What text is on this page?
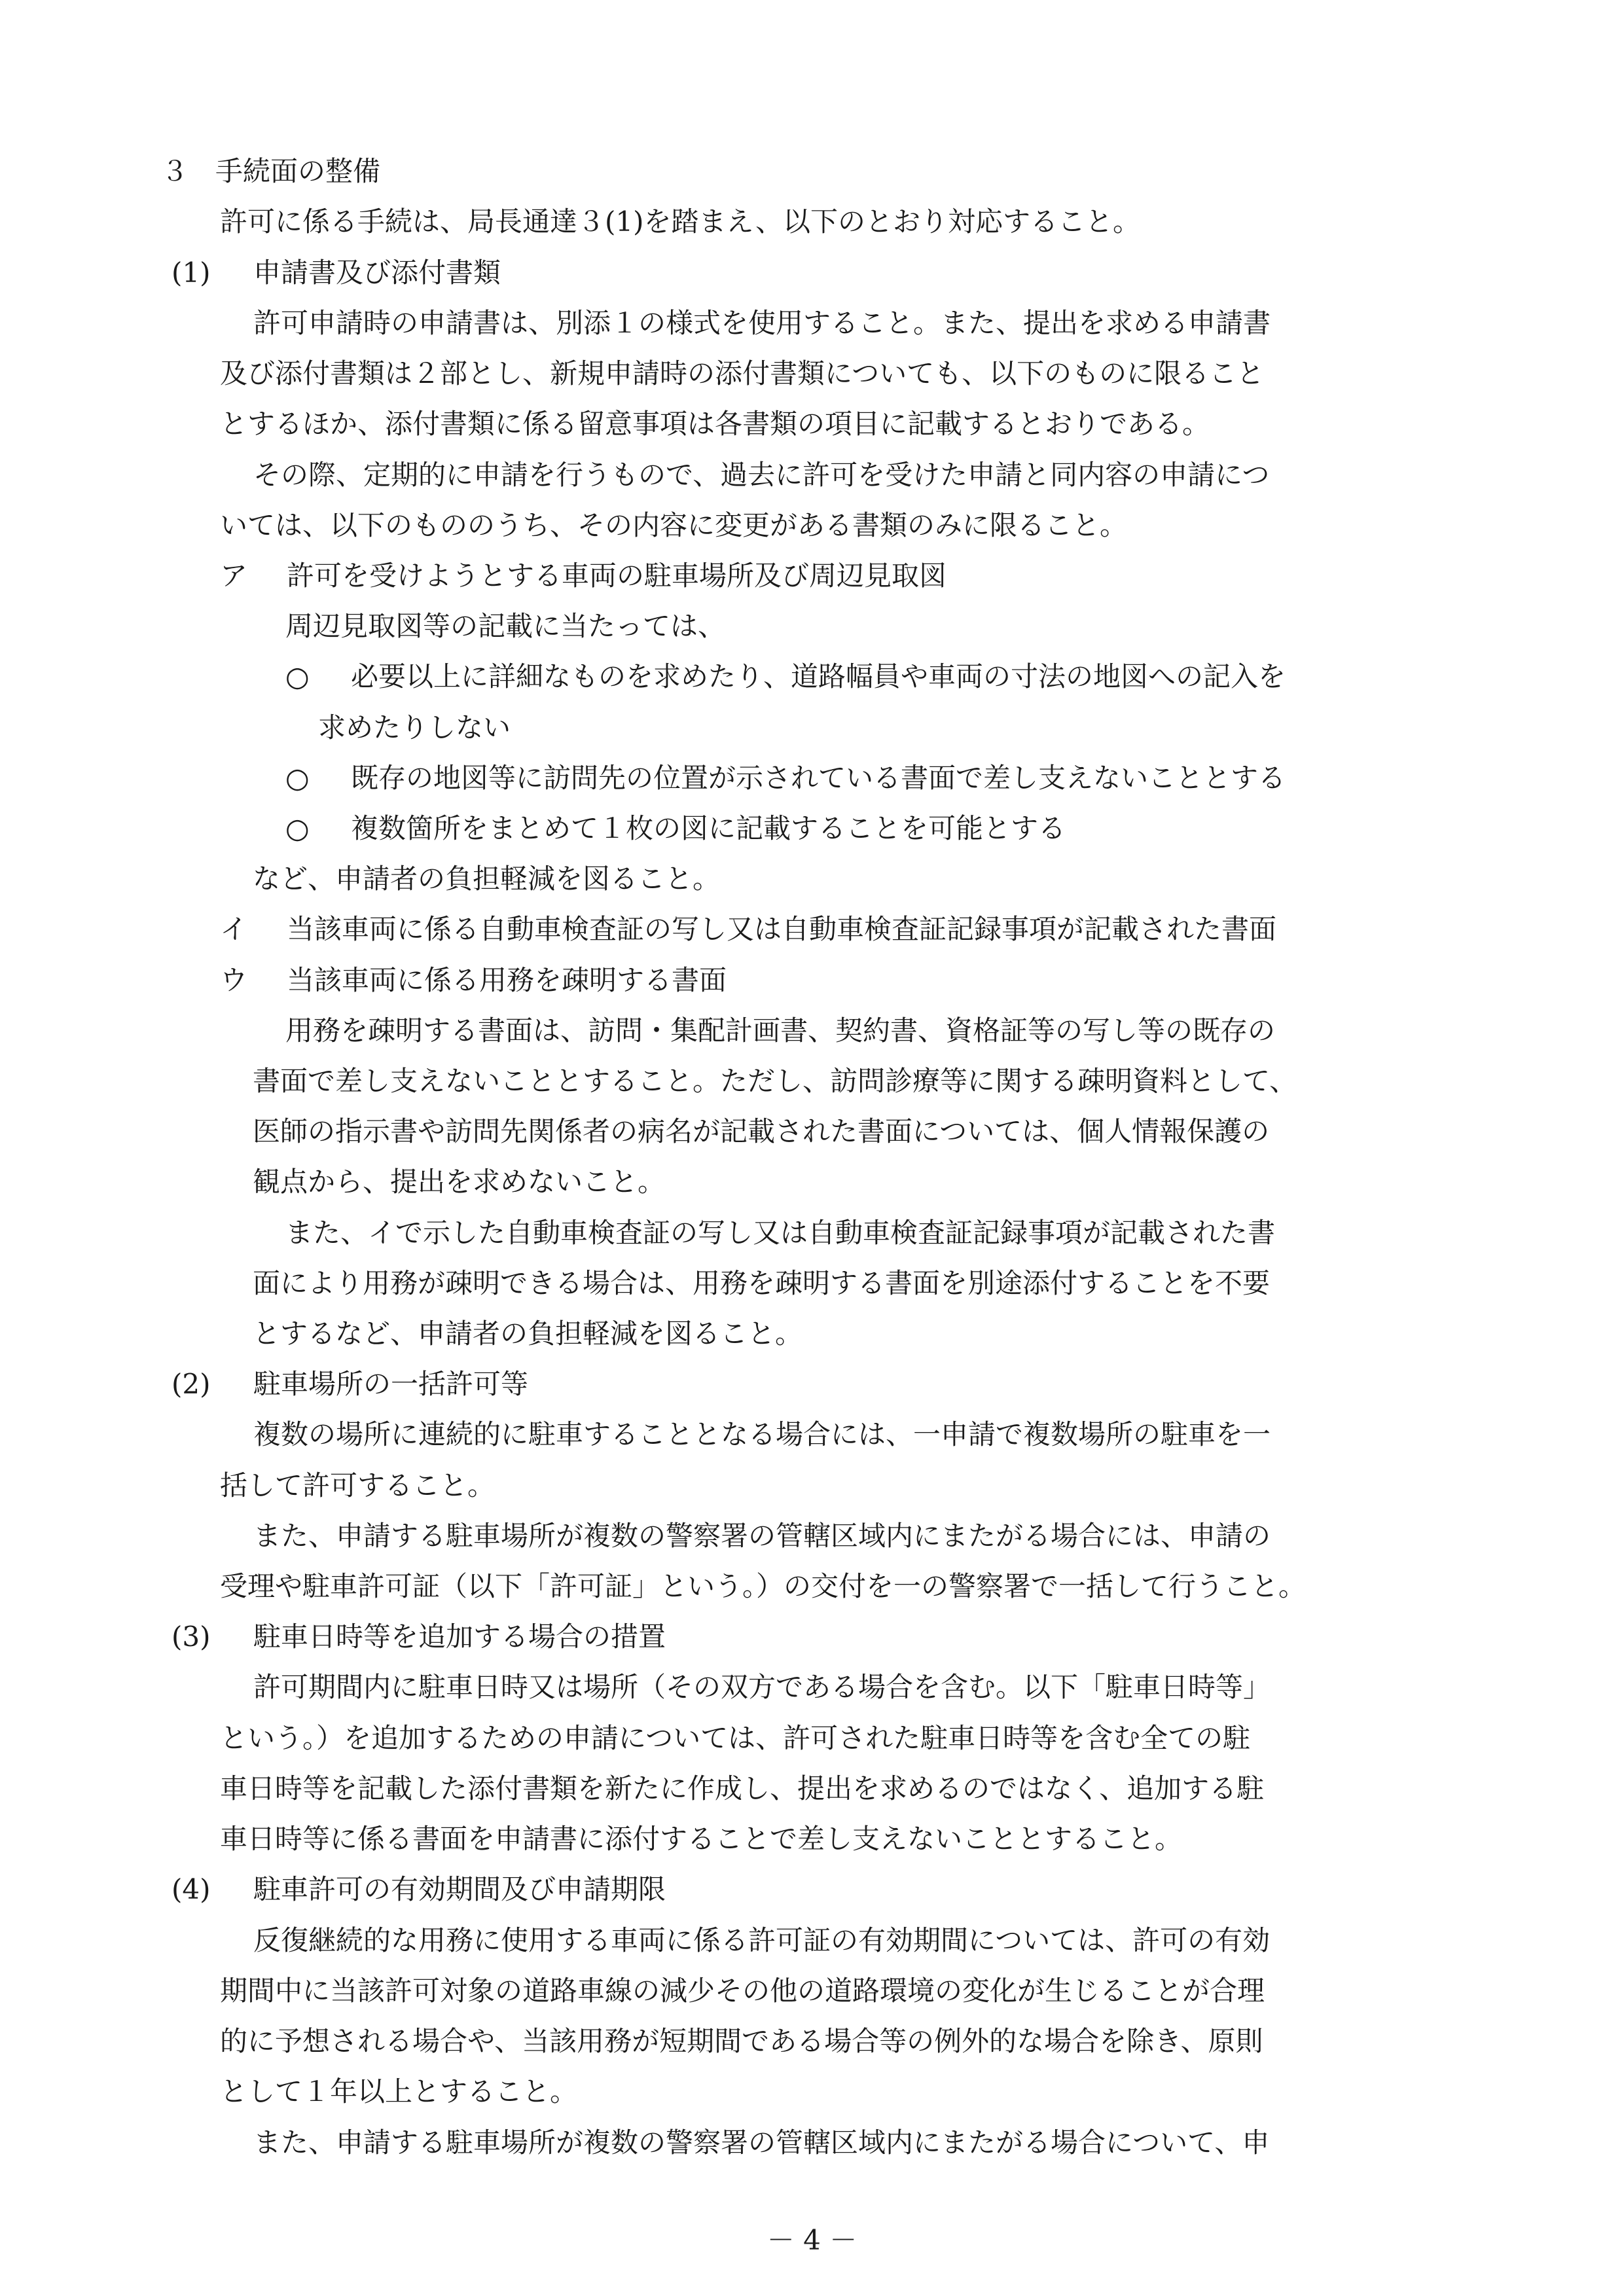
３ 手続面の整備
許可に係る手続は、局長通達３(1)を踏まえ、以下のとおり対応すること。
(1) 申請書及び添付書類
許可申請時の申請書は、別添１の様式を使用すること。また、提出を求める申請書
及び添付書類は２部とし、新規申請時の添付書類についても、以下のものに限ること
とするほか、添付書類に係る留意事項は各書類の項目に記載するとおりである。
その際、定期的に申請を行うもので、過去に許可を受けた申請と同内容の申請につ
いては、以下のもののうち、その内容に変更がある書類のみに限ること。
ア 許可を受けようとする車両の駐車場所及び周辺見取図
周辺見取図等の記載に当たっては、
○ 必要以上に詳細なものを求めたり、道路幅員や車両の寸法の地図への記入を
求めたりしない
○ 既存の地図等に訪問先の位置が示されている書面で差し支えないこととする
○ 複数箇所をまとめて１枚の図に記載することを可能とする
など、申請者の負担軽減を図ること。
イ 当該車両に係る自動車検査証の写し又は自動車検査証記録事項が記載された書面
ウ 当該車両に係る用務を疎明する書面
用務を疎明する書面は、訪問・集配計画書、契約書、資格証等の写し等の既存の
書面で差し支えないこととすること。ただし、訪問診療等に関する疎明資料として、
医師の指示書や訪問先関係者の病名が記載された書面については、個人情報保護の
観点から、提出を求めないこと。
また、イで示した自動車検査証の写し又は自動車検査証記録事項が記載された書
面により用務が疎明できる場合は、用務を疎明する書面を別途添付することを不要
とするなど、申請者の負担軽減を図ること。
(2) 駐車場所の一括許可等
複数の場所に連続的に駐車することとなる場合には、一申請で複数場所の駐車を一
括して許可すること。
また、申請する駐車場所が複数の警察署の管轄区域内にまたがる場合には、申請の
受理や駐車許可証（以下「許可証」という。）の交付を一の警察署で一括して行うこと。
(3) 駐車日時等を追加する場合の措置
許可期間内に駐車日時又は場所（その双方である場合を含む。以下「駐車日時等」
という。）を追加するための申請については、許可された駐車日時等を含む全ての駐
車日時等を記載した添付書類を新たに作成し、提出を求めるのではなく、追加する駐
車日時等に係る書面を申請書に添付することで差し支えないこととすること。
(4) 駐車許可の有効期間及び申請期限
反復継続的な用務に使用する車両に係る許可証の有効期間については、許可の有効
期間中に当該許可対象の道路車線の減少その他の道路環境の変化が生じることが合理
的に予想される場合や、当該用務が短期間である場合等の例外的な場合を除き、原則
として１年以上とすること。
また、申請する駐車場所が複数の警察署の管轄区域内にまたがる場合について、申
－ 4 －
